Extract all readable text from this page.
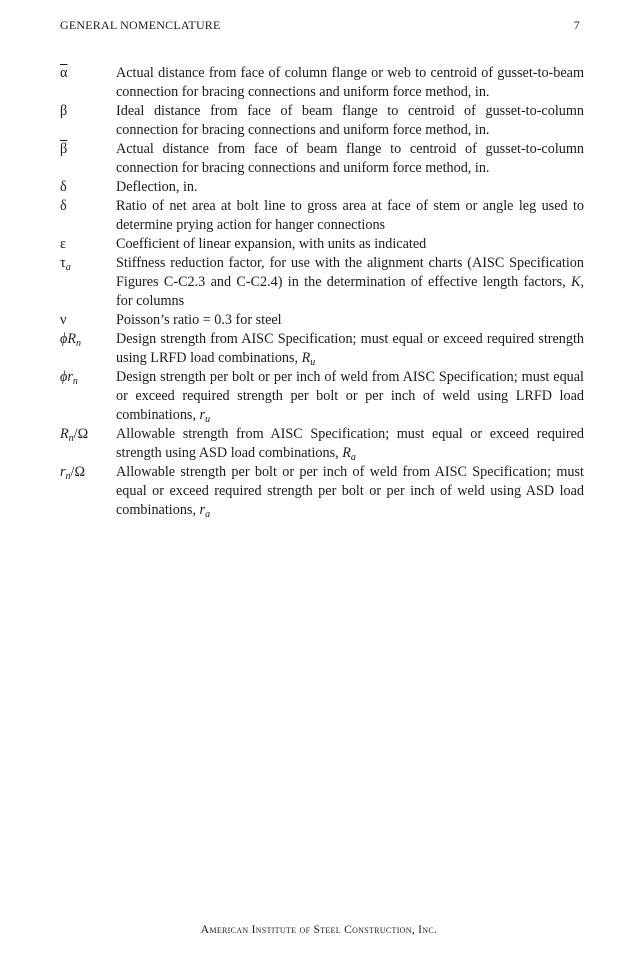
GENERAL NOMENCLATURE	7

$\overline{\alpha}$	Actual distance from face of column flange or web to centroid of gusset-to-beam connection for bracing connections and uniform force method, in.

β	Ideal distance from face of beam flange to centroid of gusset-to-column connection for bracing connections and uniform force method, in.

$\overline{\beta}$	Actual distance from face of beam flange to centroid of gusset-to-column connection for bracing connections and uniform force method, in.

δ	Deflection, in.

δ	Ratio of net area at bolt line to gross area at face of stem or angle leg used to determine prying action for hanger connections

ε	Coefficient of linear expansion, with units as indicated

$\tau_a$	Stiffness reduction factor, for use with the alignment charts (AISC Specification Figures C-C2.3 and C-C2.4) in the determination of effective length factors, K, for columns

ν	Poisson’s ratio = 0.3 for steel

$\phi R_n$	Design strength from AISC Specification; must equal or exceed required strength using LRFD load combinations, $R_u$

$\phi r_n$	Design strength per bolt or per inch of weld from AISC Specification; must equal or exceed required strength per bolt or per inch of weld using LRFD load combinations, $r_u$

$R_n/\Omega$	Allowable strength from AISC Specification; must equal or exceed required strength using ASD load combinations, $R_a$

$r_n/\Omega$	Allowable strength per bolt or per inch of weld from AISC Specification; must equal or exceed required strength per bolt or per inch of weld using ASD load combinations, $r_a$

American Institute of Steel Construction, Inc.
